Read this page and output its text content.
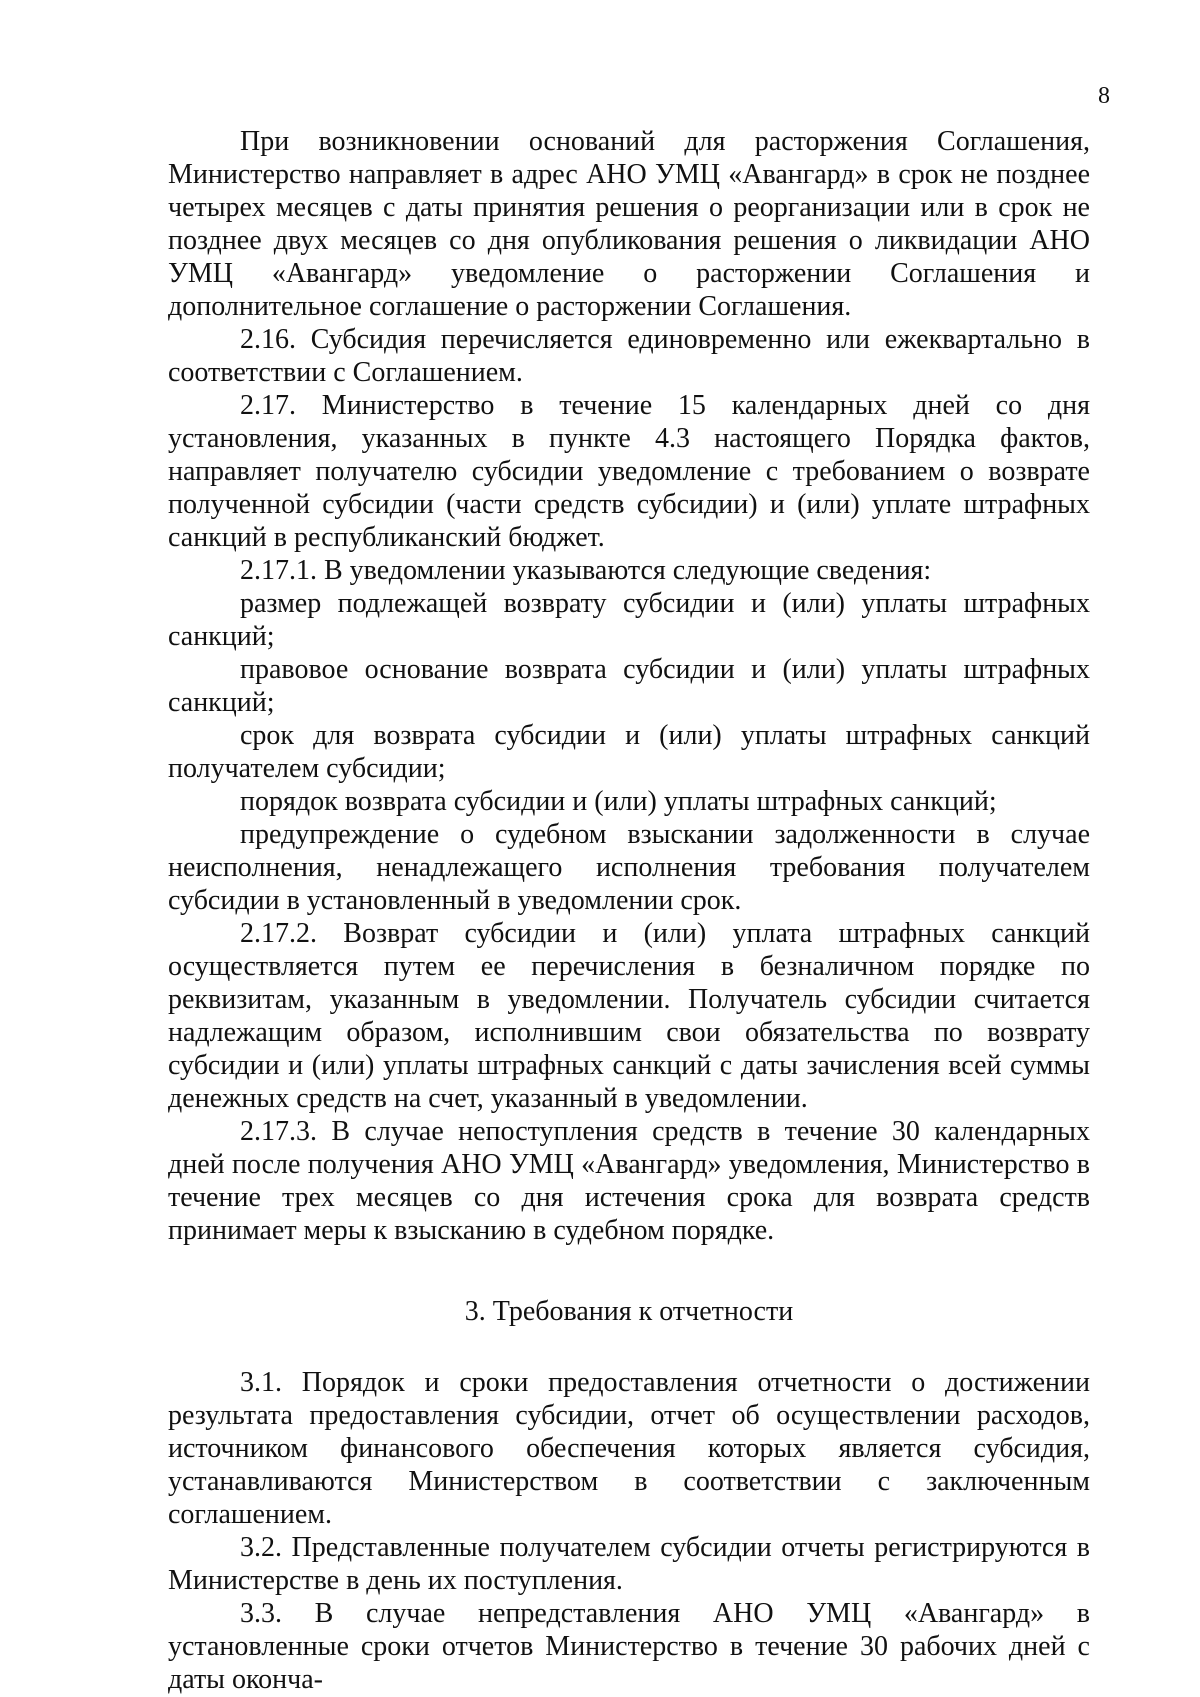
8

При возникновении оснований для расторжения Соглашения, Министерство направляет в адрес АНО УМЦ «Авангард» в срок не позднее четырех месяцев с даты принятия решения о реорганизации или в срок не позднее двух месяцев со дня опубликования решения о ликвидации АНО УМЦ «Авангард» уведомление о расторжении Соглашения и дополнительное соглашение о расторжении Соглашения.

2.16. Субсидия перечисляется единовременно или ежеквартально в соответствии с Соглашением.

2.17. Министерство в течение 15 календарных дней со дня установления, указанных в пункте 4.3 настоящего Порядка фактов, направляет получателю субсидии уведомление с требованием о возврате полученной субсидии (части средств субсидии) и (или) уплате штрафных санкций в республиканский бюджет.

2.17.1. В уведомлении указываются следующие сведения:

размер подлежащей возврату субсидии и (или) уплаты штрафных санкций;

правовое основание возврата субсидии и (или) уплаты штрафных санкций;

срок для возврата субсидии и (или) уплаты штрафных санкций получателем субсидии;

порядок возврата субсидии и (или) уплаты штрафных санкций;

предупреждение о судебном взыскании задолженности в случае неисполнения, ненадлежащего исполнения требования получателем субсидии в установленный в уведомлении срок.

2.17.2. Возврат субсидии и (или) уплата штрафных санкций осуществляется путем ее перечисления в безналичном порядке по реквизитам, указанным в уведомлении. Получатель субсидии считается надлежащим образом, исполнившим свои обязательства по возврату субсидии и (или) уплаты штрафных санкций с даты зачисления всей суммы денежных средств на счет, указанный в уведомлении.

2.17.3. В случае непоступления средств в течение 30 календарных дней после получения АНО УМЦ «Авангард» уведомления, Министерство в течение трех месяцев со дня истечения срока для возврата средств принимает меры к взысканию в судебном порядке.

3. Требования к отчетности

3.1. Порядок и сроки предоставления отчетности о достижении результата предоставления субсидии, отчет об осуществлении расходов, источником финансового обеспечения которых является субсидия, устанавливаются Министерством в соответствии с заключенным соглашением.

3.2. Представленные получателем субсидии отчеты регистрируются в Министерстве в день их поступления.

3.3. В случае непредставления АНО УМЦ «Авангард» в установленные сроки отчетов Министерство в течение 30 рабочих дней с даты оконча-
